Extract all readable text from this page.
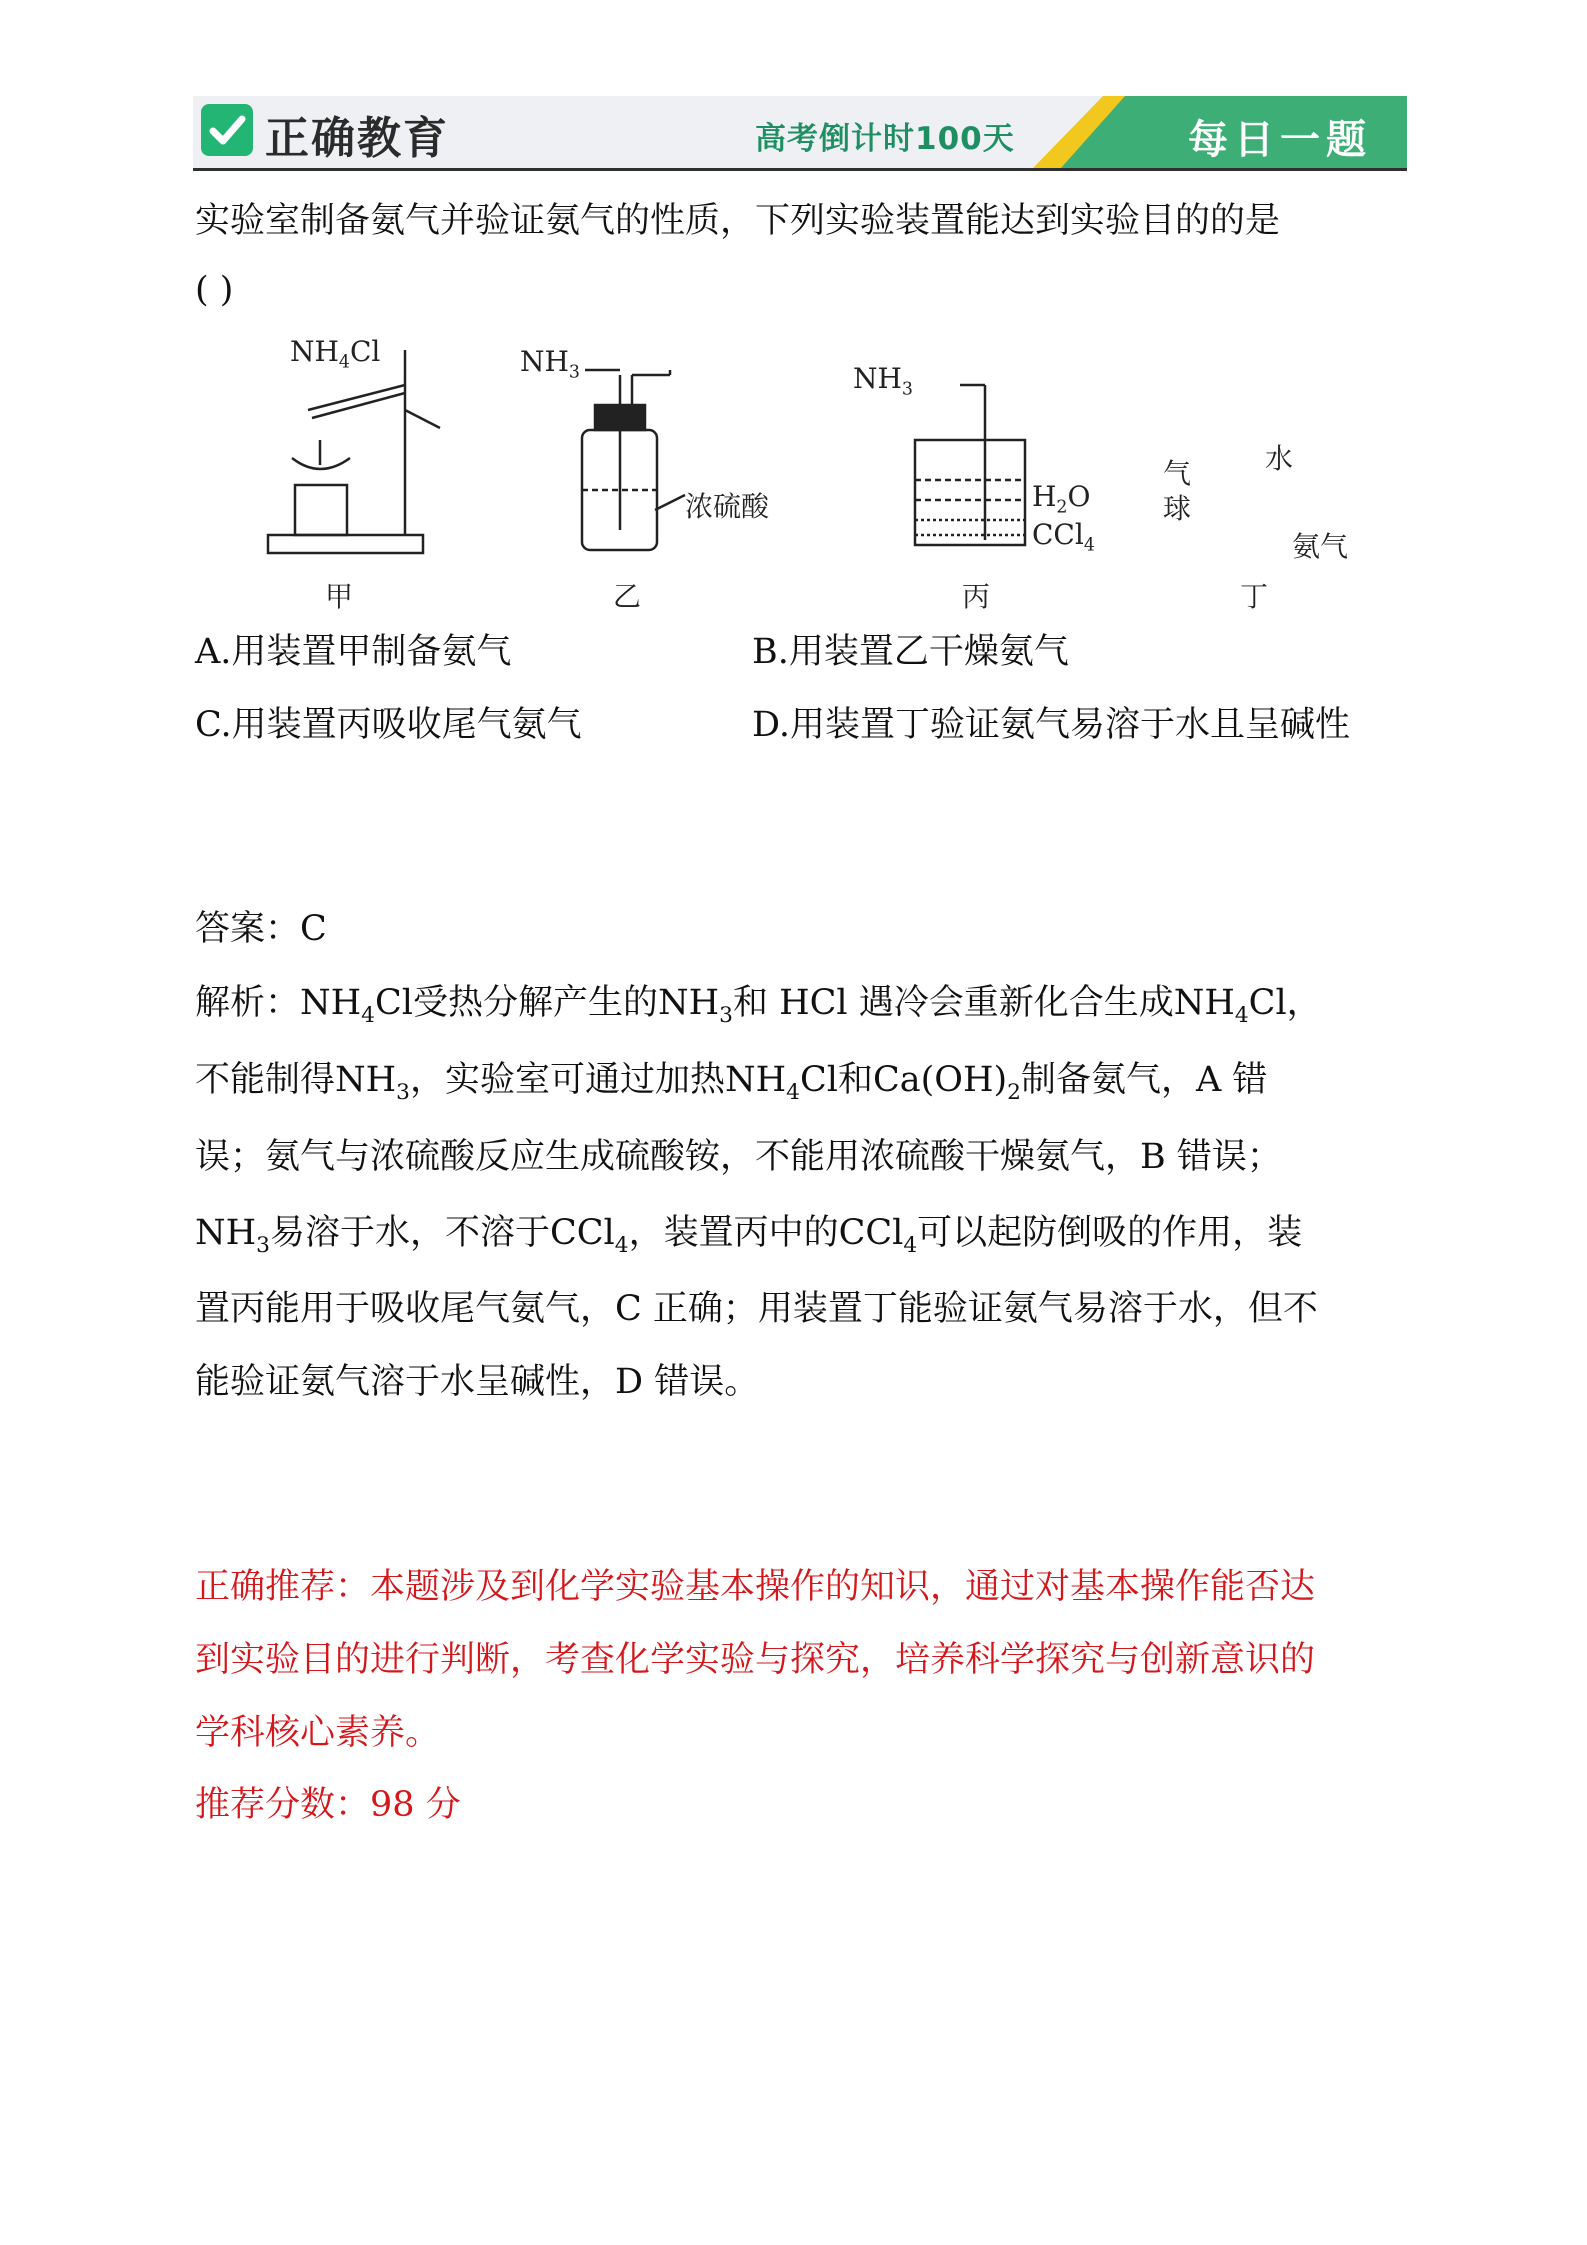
正确教育	高考倒计时100天	每日一题
实验室制备氨气并验证氨气的性质，下列实验装置能达到实验目的的是
( )
$NH_4Cl$	$NH_3$
浓硫酸
$NH_3$
$H_2O$
CCl$_4$
气
球
水
氨气
甲	乙	丙	丁
A.用装置甲制备氨气	B.用装置乙干燥氨气
C.用装置丙吸收尾气氨气	D.用装置丁验证氨气易溶于水且呈碱性
答案：C
解析：$NH_4Cl$受热分解产生的$NH_3$和 HCl 遇冷会重新化合生成$NH_4Cl$，
不能制得$NH_3$，实验室可通过加热$NH_4Cl$和$Ca(OH)_2$制备氨气，A 错
误；氨气与浓硫酸反应生成硫酸铵，不能用浓硫酸干燥氨气，B 错误；
$NH_3$易溶于水，不溶于CCl$_4$，装置丙中的CCl$_4$可以起防倒吸的作用，装
置丙能用于吸收尾气氨气，C 正确；用装置丁能验证氨气易溶于水，但不
能验证氨气溶于水呈碱性，D 错误。
正确推荐：本题涉及到化学实验基本操作的知识，通过对基本操作能否达
到实验目的进行判断，考查化学实验与探究，培养科学探究与创新意识的
学科核心素养。
推荐分数：98 分
